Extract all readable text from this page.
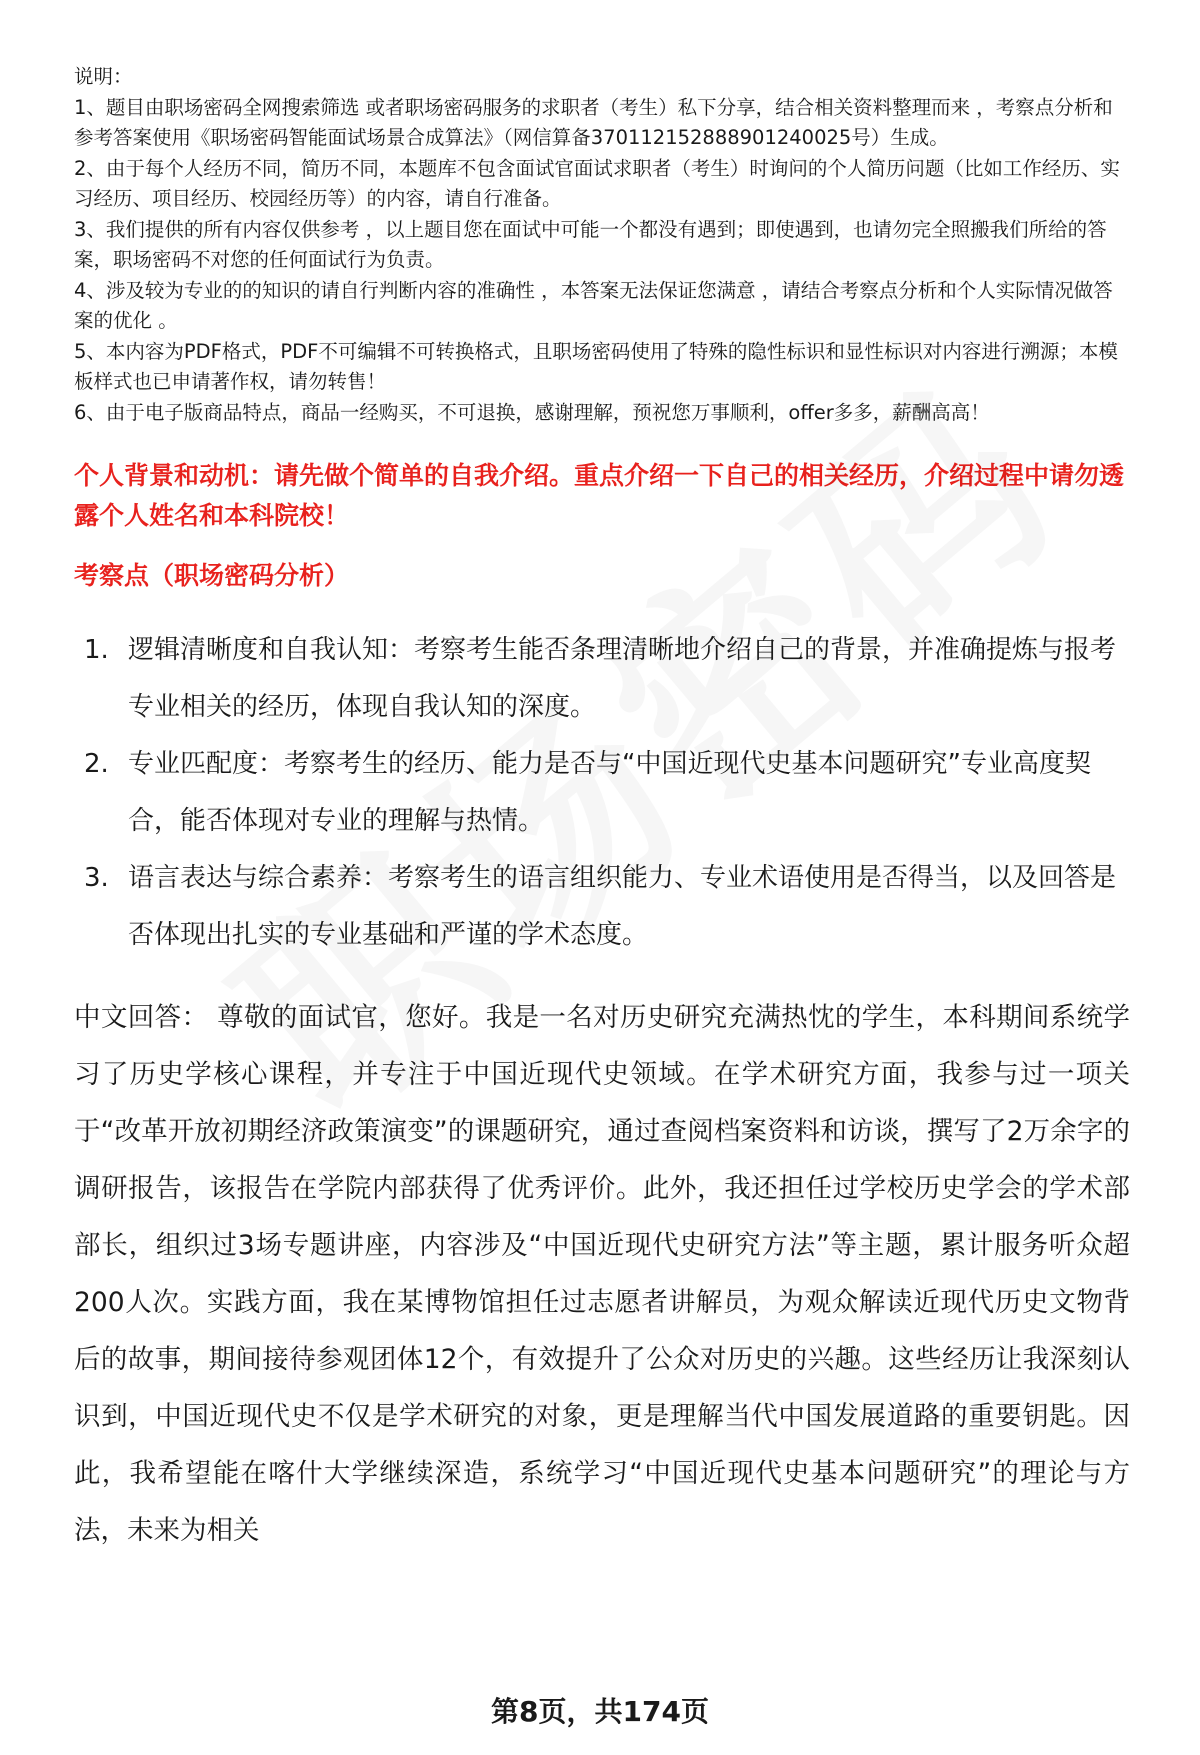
说明：

1、题目由职场密码全网搜索筛选 或者职场密码服务的求职者（考生）私下分享，结合相关资料整理而来 ，考察点分析和参考答案使用《职场密码智能面试场景合成算法》（网信算备370112152888901240025号）生成。

2、由于每个人经历不同，简历不同，本题库不包含面试官面试求职者（考生）时询问的个人简历问题（比如工作经历、实习经历、项目经历、校园经历等）的内容，请自行准备。

3、我们提供的所有内容仅供参考 ，以上题目您在面试中可能一个都没有遇到；即使遇到，也请勿完全照搬我们所给的答案，职场密码不对您的任何面试行为负责。

4、涉及较为专业的的知识的请自行判断内容的准确性 ，本答案无法保证您满意 ，请结合考察点分析和个人实际情况做答案的优化 。

5、本内容为PDF格式，PDF不可编辑不可转换格式，且职场密码使用了特殊的隐性标识和显性标识对内容进行溯源；本模板样式也已申请著作权，请勿转售！

6、由于电子版商品特点，商品一经购买，不可退换，感谢理解，预祝您万事顺利，offer多多，薪酬高高！

个人背景和动机：请先做个简单的自我介绍。重点介绍一下自己的相关经历，介绍过程中请勿透露个人姓名和本科院校！
考察点（职场密码分析）
1. 逻辑清晰度和自我认知：考察考生能否条理清晰地介绍自己的背景，并准确提炼与报考专业相关的经历，体现自我认知的深度。
2. 专业匹配度：考察考生的经历、能力是否与“中国近现代史基本问题研究”专业高度契合，能否体现对专业的理解与热情。
3. 语言表达与综合素养：考察考生的语言组织能力、专业术语使用是否得当，以及回答是否体现出扎实的专业基础和严谨的学术态度。
中文回答： 尊敬的面试官，您好。我是一名对历史研究充满热忱的学生，本科期间系统学习了历史学核心课程，并专注于中国近现代史领域。在学术研究方面，我参与过一项关于“改革开放初期经济政策演变”的课题研究，通过查阅档案资料和访谈，撰写了2万余字的调研报告，该报告在学院内部获得了优秀评价。此外，我还担任过学校历史学会的学术部部长，组织过3场专题讲座，内容涉及“中国近现代史研究方法”等主题，累计服务听众超200人次。实践方面，我在某博物馆担任过志愿者讲解员，为观众解读近现代历史文物背后的故事，期间接待参观团体12个，有效提升了公众对历史的兴趣。这些经历让我深刻认识到，中国近现代史不仅是学术研究的对象，更是理解当代中国发展道路的重要钥匙。因此，我希望能在喀什大学继续深造，系统学习“中国近现代史基本问题研究”的理论与方法，未来为相关
第8页，共174页
